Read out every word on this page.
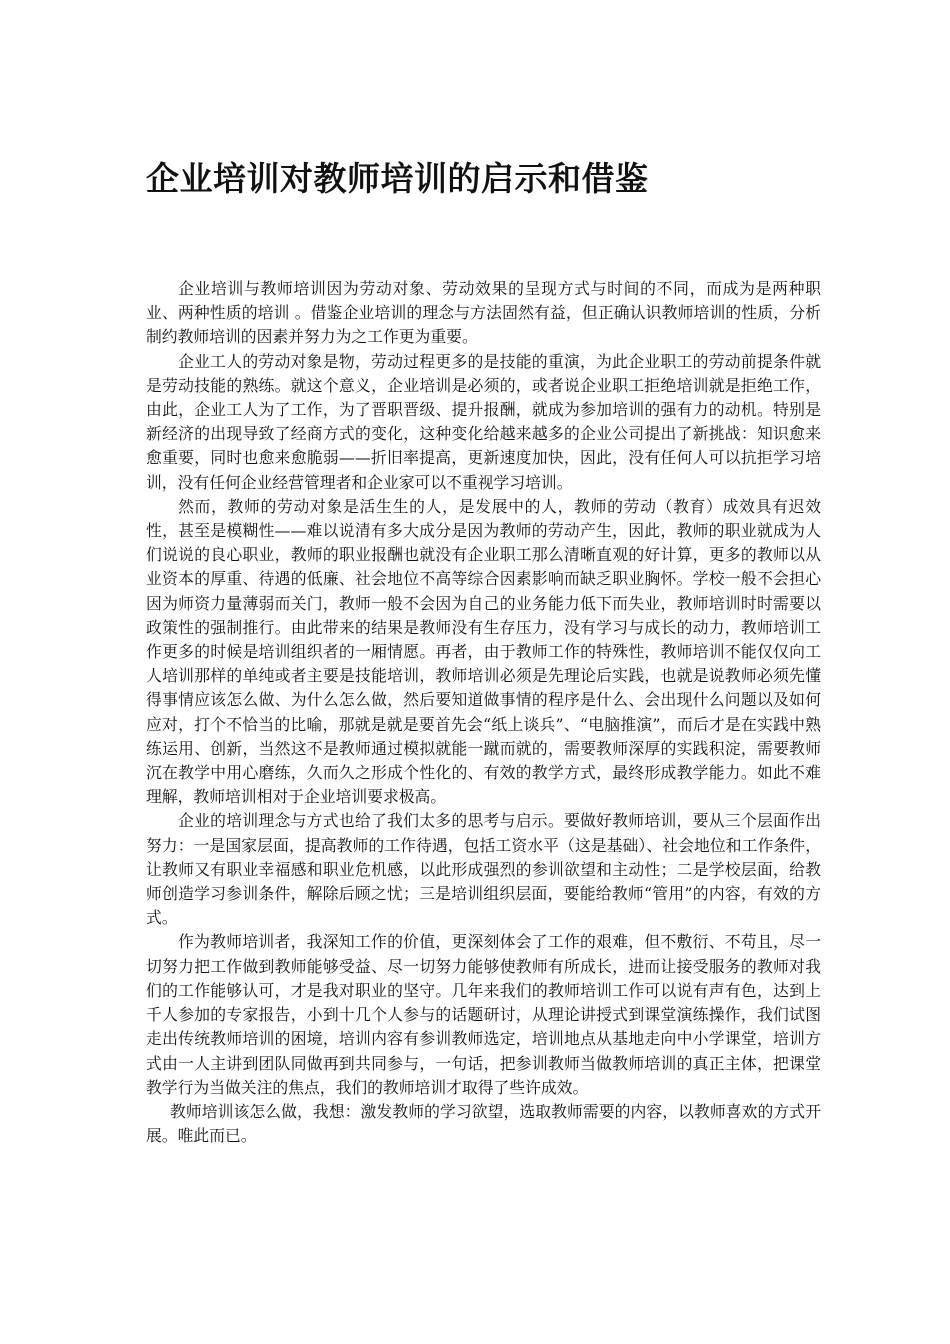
企业培训对教师培训的启示和借鉴

企业培训与教师培训因为劳动对象、劳动效果的呈现方式与时间的不同，而成为是两种职业、两种性质的培训 。借鉴企业培训的理念与方法固然有益，但正确认识教师培训的性质，分析制约教师培训的因素并努力为之工作更为重要。

企业工人的劳动对象是物，劳动过程更多的是技能的重演，为此企业职工的劳动前提条件就是劳动技能的熟练。就这个意义，企业培训是必须的，或者说企业职工拒绝培训就是拒绝工作，由此，企业工人为了工作，为了晋职晋级、提升报酬，就成为参加培训的强有力的动机。特别是新经济的出现导致了经商方式的变化，这种变化给越来越多的企业公司提出了新挑战：知识愈来愈重要，同时也愈来愈脆弱——折旧率提高，更新速度加快，因此，没有任何人可以抗拒学习培训，没有任何企业经营管理者和企业家可以不重视学习培训。

然而，教师的劳动对象是活生生的人，是发展中的人，教师的劳动（教育）成效具有迟效性，甚至是模糊性——难以说清有多大成分是因为教师的劳动产生，因此，教师的职业就成为人们说说的良心职业，教师的职业报酬也就没有企业职工那么清晰直观的好计算，更多的教师以从业资本的厚重、待遇的低廉、社会地位不高等综合因素影响而缺乏职业胸怀。学校一般不会担心因为师资力量薄弱而关门，教师一般不会因为自己的业务能力低下而失业，教师培训时时需要以政策性的强制推行。由此带来的结果是教师没有生存压力，没有学习与成长的动力，教师培训工作更多的时候是培训组织者的一厢情愿。再者，由于教师工作的特殊性，教师培训不能仅仅向工人培训那样的单纯或者主要是技能培训，教师培训必须是先理论后实践，也就是说教师必须先懂得事情应该怎么做、为什么怎么做，然后要知道做事情的程序是什么、会出现什么问题以及如何应对，打个不恰当的比喻，那就是就是要首先会“纸上谈兵”、“电脑推演”，而后才是在实践中熟练运用、创新，当然这不是教师通过模拟就能一蹴而就的，需要教师深厚的实践积淀，需要教师沉在教学中用心磨练，久而久之形成个性化的、有效的教学方式，最终形成教学能力。如此不难理解，教师培训相对于企业培训要求极高。

企业的培训理念与方式也给了我们太多的思考与启示。要做好教师培训，要从三个层面作出努力：一是国家层面，提高教师的工作待遇，包括工资水平（这是基础）、社会地位和工作条件，让教师又有职业幸福感和职业危机感，以此形成强烈的参训欲望和主动性；二是学校层面，给教师创造学习参训条件，解除后顾之忧；三是培训组织层面，要能给教师“管用”的内容，有效的方式。

作为教师培训者，我深知工作的价值，更深刻体会了工作的艰难，但不敷衍、不苟且，尽一切努力把工作做到教师能够受益、尽一切努力能够使教师有所成长，进而让接受服务的教师对我们的工作能够认可，才是我对职业的坚守。几年来我们的教师培训工作可以说有声有色，达到上千人参加的专家报告，小到十几个人参与的话题研讨，从理论讲授式到课堂演练操作，我们试图走出传统教师培训的困境，培训内容有参训教师选定，培训地点从基地走向中小学课堂，培训方式由一人主讲到团队同做再到共同参与，一句话，把参训教师当做教师培训的真正主体，把课堂教学行为当做关注的焦点，我们的教师培训才取得了些许成效。

教师培训该怎么做，我想：激发教师的学习欲望，选取教师需要的内容，以教师喜欢的方式开展。唯此而已。
